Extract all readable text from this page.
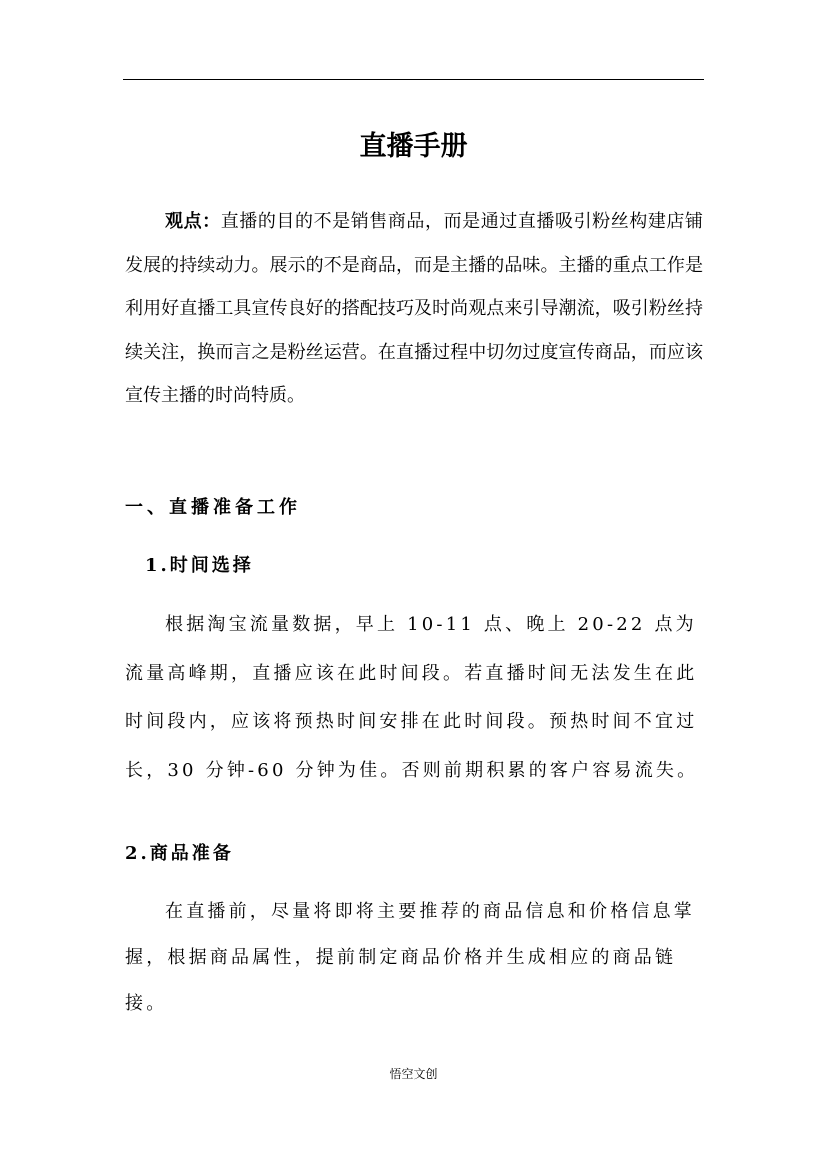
直播手册

观点：直播的目的不是销售商品，而是通过直播吸引粉丝构建店铺发展的持续动力。展示的不是商品，而是主播的品味。主播的重点工作是利用好直播工具宣传良好的搭配技巧及时尚观点来引导潮流，吸引粉丝持续关注，换而言之是粉丝运营。在直播过程中切勿过度宣传商品，而应该宣传主播的时尚特质。

一、直播准备工作
1.时间选择

根据淘宝流量数据，早上 10-11 点、晚上 20-22 点为流量高峰期，直播应该在此时间段。若直播时间无法发生在此时间段内，应该将预热时间安排在此时间段。预热时间不宜过长，30 分钟-60 分钟为佳。否则前期积累的客户容易流失。

2.商品准备

在直播前，尽量将即将主要推荐的商品信息和价格信息掌握，根据商品属性，提前制定商品价格并生成相应的商品链接。

悟空文创
